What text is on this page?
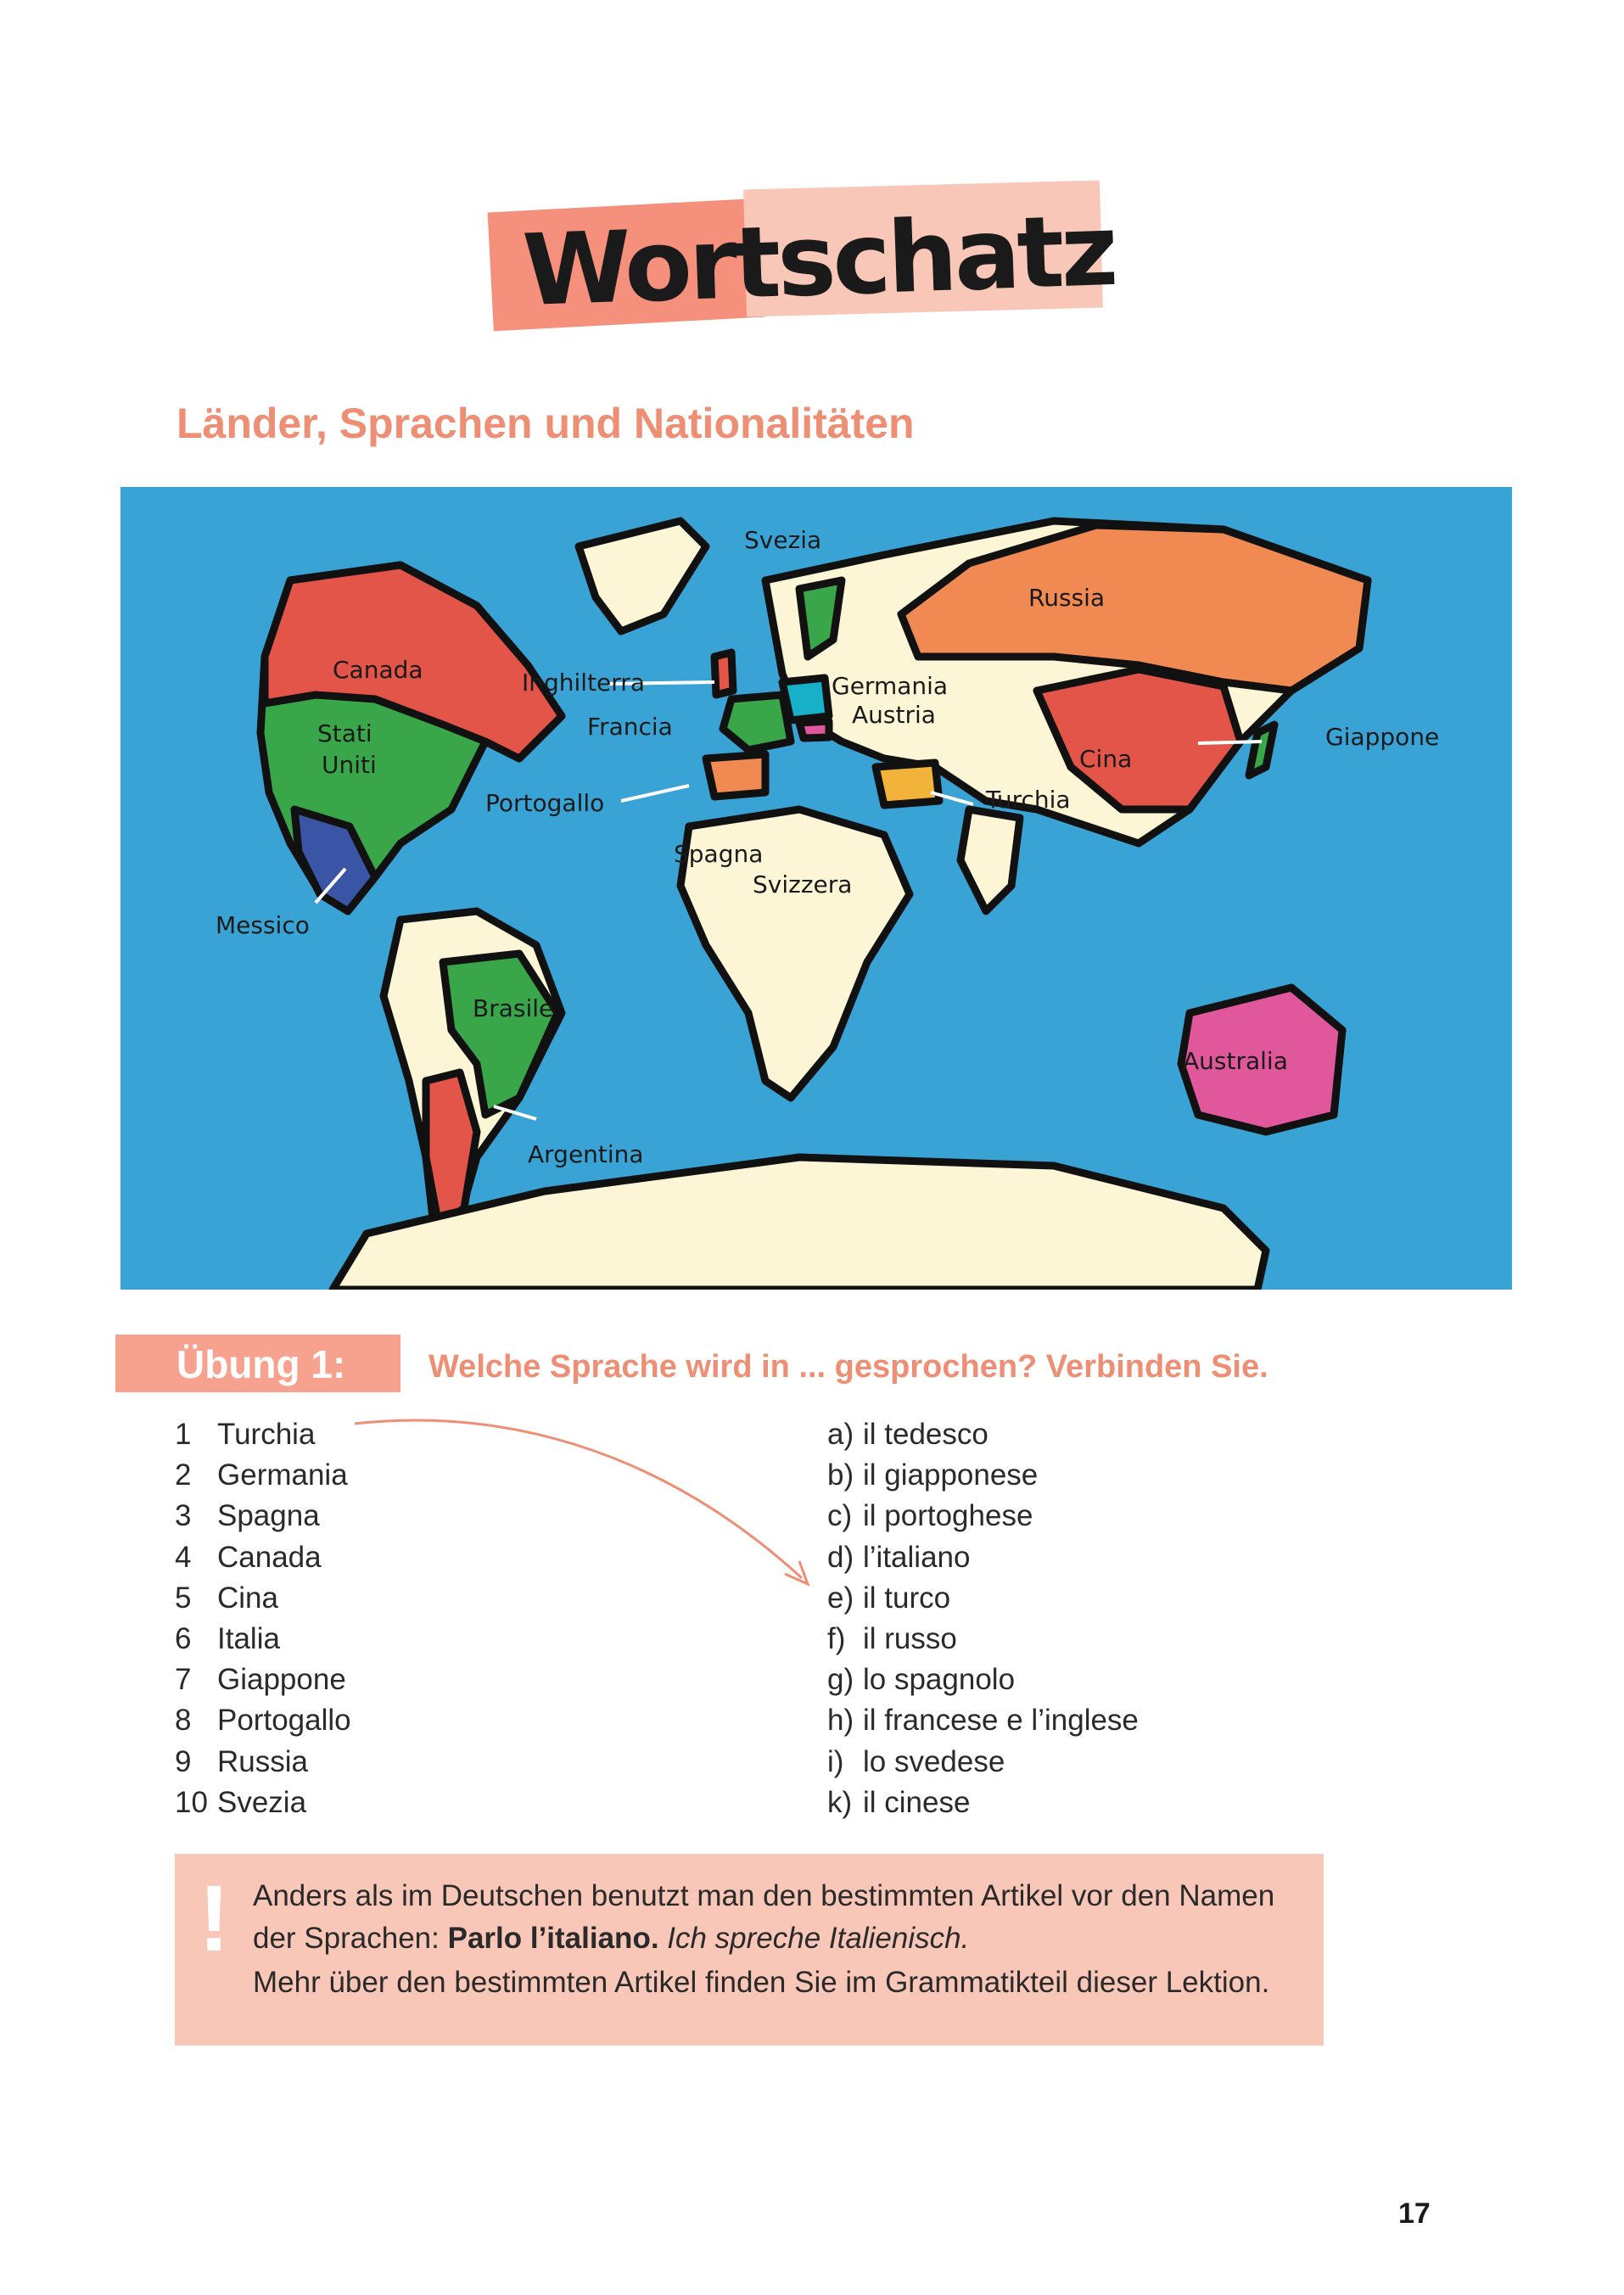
Wortschatz
Länder, Sprachen und Nationalitäten
Svezia
Russia
Canada	Inghilterra	Germania
Austria
Giappone
Stati
Uniti
Francia
Cina
Portogallo	Turchia
Spagna
Svizzera
Messico
Brasile
Australia
Argentina
Übung 1:	Welche Sprache wird in ... gesprochen? Verbinden Sie.
1 Turchia
2 Germania
3 Spagna
4 Canada
5 Cina
6 Italia
7 Giappone
8 Portogallo
9 Russia
10 Svezia
a) il tedesco
b) il giapponese
c) il portoghese
d) l’italiano
e) il turco
f) il russo
g) lo spagnolo
h) il francese e l’inglese
i) lo svedese
k) il cinese
! Anders als im Deutschen benutzt man den bestimmten Artikel vor den Namen
der Sprachen: Parlo l’italiano. Ich spreche Italienisch.
Mehr über den bestimmten Artikel finden Sie im Grammatikteil dieser Lektion.
17
